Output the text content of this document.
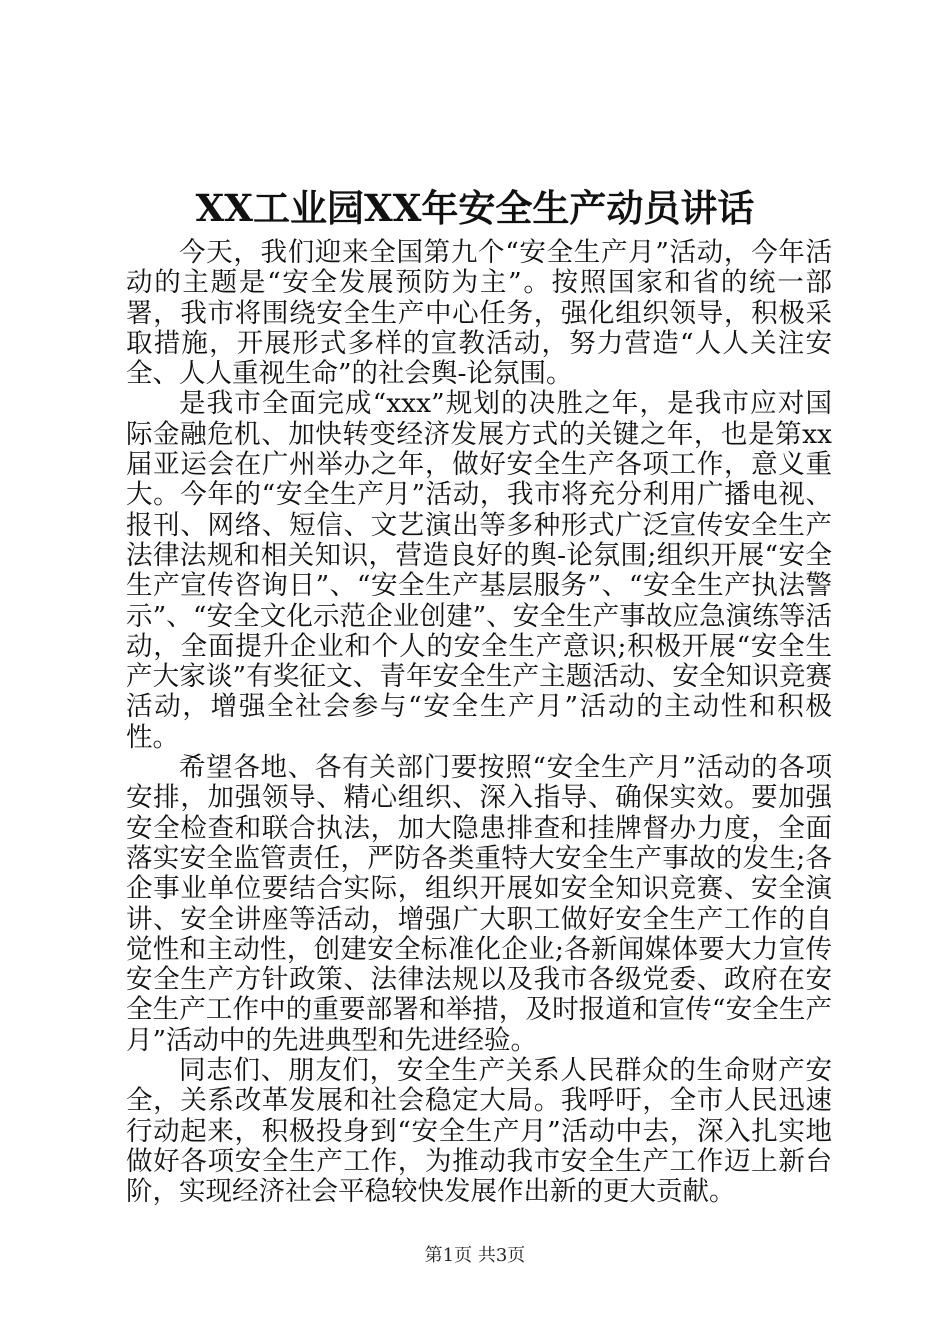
XX工业园XX年安全生产动员讲话

今天，我们迎来全国第九个“安全生产月”活动，今年活动的主题是“安全发展预防为主”。按照国家和省的统一部署，我市将围绕安全生产中心任务，强化组织领导，积极采取措施，开展形式多样的宣教活动，努力营造“人人关注安全、人人重视生命”的社会舆-论氛围。

是我市全面完成“xxx”规划的决胜之年，是我市应对国际金融危机、加快转变经济发展方式的关键之年，也是第xx届亚运会在广州举办之年，做好安全生产各项工作，意义重大。今年的“安全生产月”活动，我市将充分利用广播电视、报刊、网络、短信、文艺演出等多种形式广泛宣传安全生产法律法规和相关知识，营造良好的舆-论氛围;组织开展“安全生产宣传咨询日”、“安全生产基层服务”、“安全生产执法警示”、“安全文化示范企业创建”、安全生产事故应急演练等活动，全面提升企业和个人的安全生产意识;积极开展“安全生产大家谈”有奖征文、青年安全生产主题活动、安全知识竞赛活动，增强全社会参与“安全生产月”活动的主动性和积极性。

希望各地、各有关部门要按照“安全生产月”活动的各项安排，加强领导、精心组织、深入指导、确保实效。要加强安全检查和联合执法，加大隐患排查和挂牌督办力度，全面落实安全监管责任，严防各类重特大安全生产事故的发生;各企事业单位要结合实际，组织开展如安全知识竞赛、安全演讲、安全讲座等活动，增强广大职工做好安全生产工作的自觉性和主动性，创建安全标准化企业;各新闻媒体要大力宣传安全生产方针政策、法律法规以及我市各级党委、政府在安全生产工作中的重要部署和举措，及时报道和宣传“安全生产月”活动中的先进典型和先进经验。

同志们、朋友们，安全生产关系人民群众的生命财产安全，关系改革发展和社会稳定大局。我呼吁，全市人民迅速行动起来，积极投身到“安全生产月”活动中去，深入扎实地做好各项安全生产工作，为推动我市安全生产工作迈上新台阶，实现经济社会平稳较快发展作出新的更大贡献。

第1页 共3页
